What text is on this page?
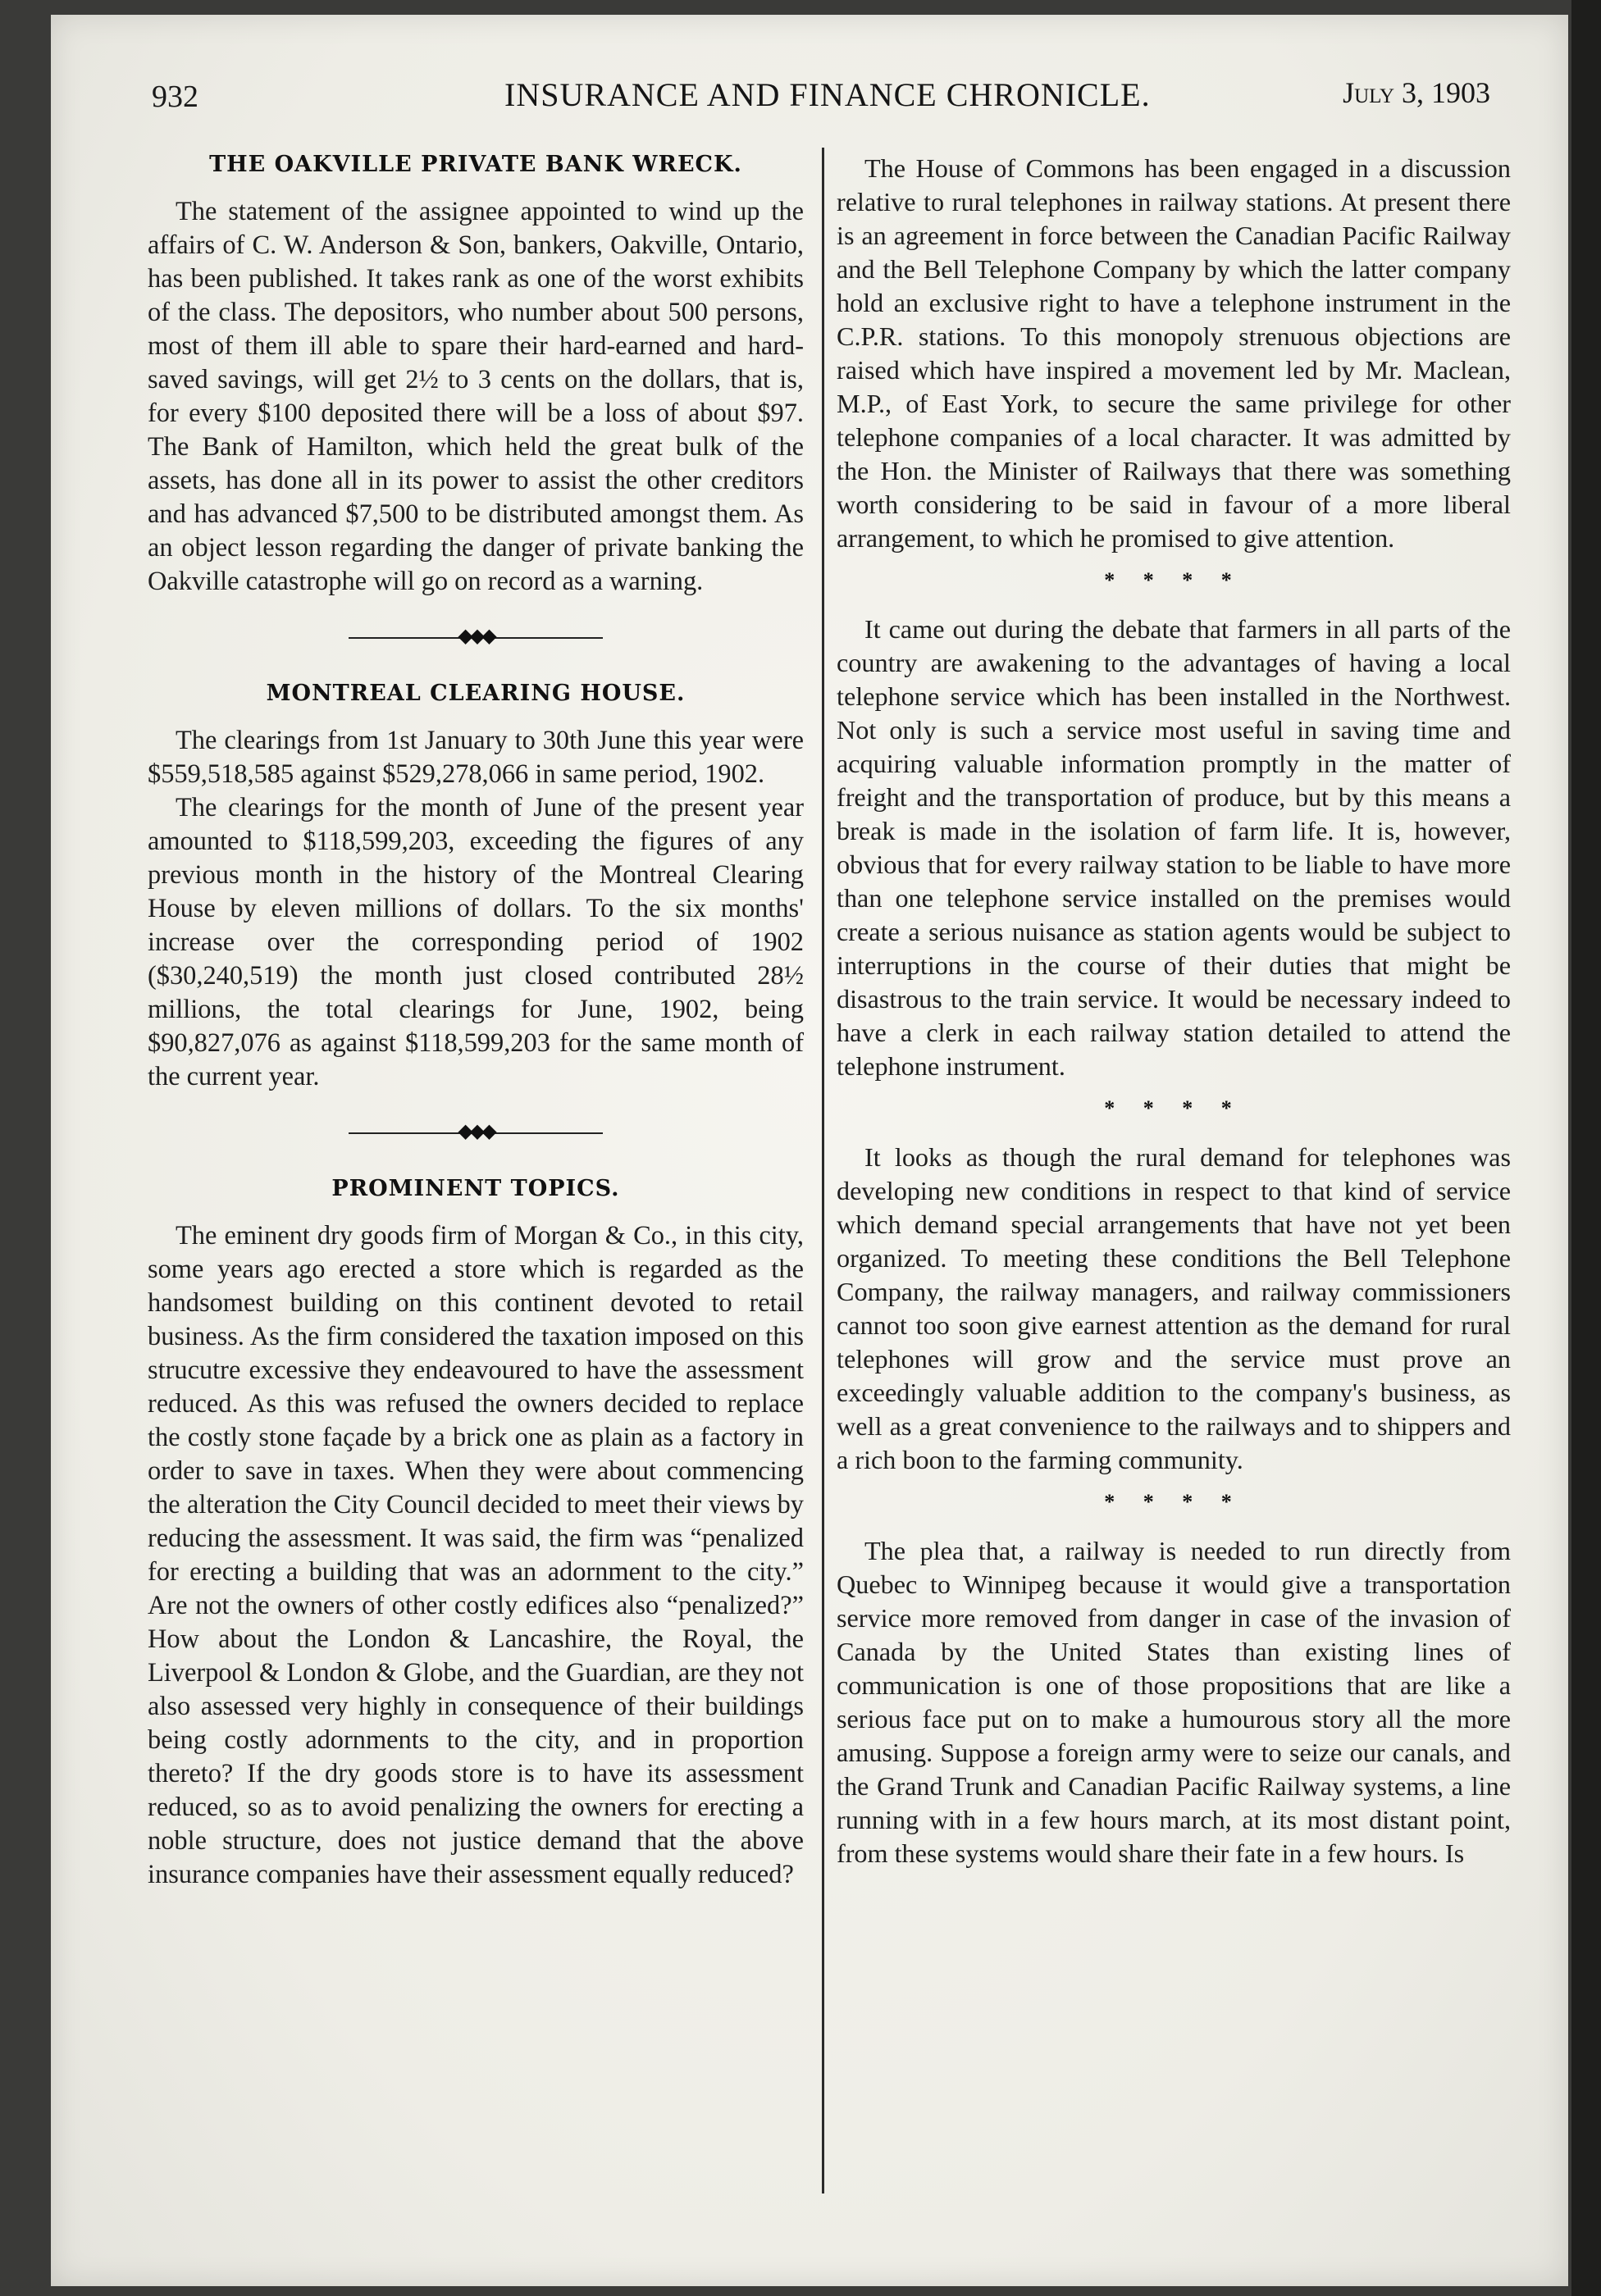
932	INSURANCE AND FINANCE CHRONICLE.	July 3, 1903
THE OAKVILLE PRIVATE BANK WRECK.

The statement of the assignee appointed to wind up the affairs of C. W. Anderson & Son, bankers, Oakville, Ontario, has been published. It takes rank as one of the worst exhibits of the class. The depositors, who number about 500 persons, most of them ill able to spare their hard-earned and hard-saved savings, will get 2½ to 3 cents on the dollars, that is, for every $100 deposited there will be a loss of about $97. The Bank of Hamilton, which held the great bulk of the assets, has done all in its power to assist the other creditors and has advanced $7,500 to be distributed amongst them. As an object lesson regarding the danger of private banking the Oakville catastrophe will go on record as a warning.

◆◆◆
MONTREAL CLEARING HOUSE.

The clearings from 1st January to 30th June this year were $559,518,585 against $529,278,066 in same period, 1902.

The clearings for the month of June of the present year amounted to $118,599,203, exceeding the figures of any previous month in the history of the Montreal Clearing House by eleven millions of dollars. To the six months' increase over the corresponding period of 1902 ($30,240,519) the month just closed contributed 28½ millions, the total clearings for June, 1902, being $90,827,076 as against $118,599,203 for the same month of the current year.

◆◆◆
PROMINENT TOPICS.

The eminent dry goods firm of Morgan & Co., in this city, some years ago erected a store which is regarded as the handsomest building on this continent devoted to retail business. As the firm considered the taxation imposed on this strucutre excessive they endeavoured to have the assessment reduced. As this was refused the owners decided to replace the costly stone façade by a brick one as plain as a factory in order to save in taxes. When they were about commencing the alteration the City Council decided to meet their views by reducing the assessment. It was said, the firm was “penalized for erecting a building that was an adornment to the city.” Are not the owners of other costly edifices also “penalized?” How about the London & Lancashire, the Royal, the Liverpool & London & Globe, and the Guardian, are they not also assessed very highly in consequence of their buildings being costly adornments to the city, and in proportion thereto? If the dry goods store is to have its assessment reduced, so as to avoid penalizing the owners for erecting a noble structure, does not justice demand that the above insurance companies have their assessment equally reduced?

The House of Commons has been engaged in a discussion relative to rural telephones in railway stations. At present there is an agreement in force between the Canadian Pacific Railway and the Bell Telephone Company by which the latter company hold an exclusive right to have a telephone instrument in the C.P.R. stations. To this monopoly strenuous objections are raised which have inspired a movement led by Mr. Maclean, M.P., of East York, to secure the same privilege for other telephone companies of a local character. It was admitted by the Hon. the Minister of Railways that there was something worth considering to be said in favour of a more liberal arrangement, to which he promised to give attention.

* * * *

It came out during the debate that farmers in all parts of the country are awakening to the advantages of having a local telephone service which has been installed in the Northwest. Not only is such a service most useful in saving time and acquiring valuable information promptly in the matter of freight and the transportation of produce, but by this means a break is made in the isolation of farm life. It is, however, obvious that for every railway station to be liable to have more than one telephone service installed on the premises would create a serious nuisance as station agents would be subject to interruptions in the course of their duties that might be disastrous to the train service. It would be necessary indeed to have a clerk in each railway station detailed to attend the telephone instrument.

* * * *

It looks as though the rural demand for telephones was developing new conditions in respect to that kind of service which demand special arrangements that have not yet been organized. To meeting these conditions the Bell Telephone Company, the railway managers, and railway commissioners cannot too soon give earnest attention as the demand for rural telephones will grow and the service must prove an exceedingly valuable addition to the company's business, as well as a great convenience to the railways and to shippers and a rich boon to the farming community.

* * * *

The plea that, a railway is needed to run directly from Quebec to Winnipeg because it would give a transportation service more removed from danger in case of the invasion of Canada by the United States than existing lines of communication is one of those propositions that are like a serious face put on to make a humourous story all the more amusing. Suppose a foreign army were to seize our canals, and the Grand Trunk and Canadian Pacific Railway systems, a line running with in a few hours march, at its most distant point, from these systems would share their fate in a few hours. Is
